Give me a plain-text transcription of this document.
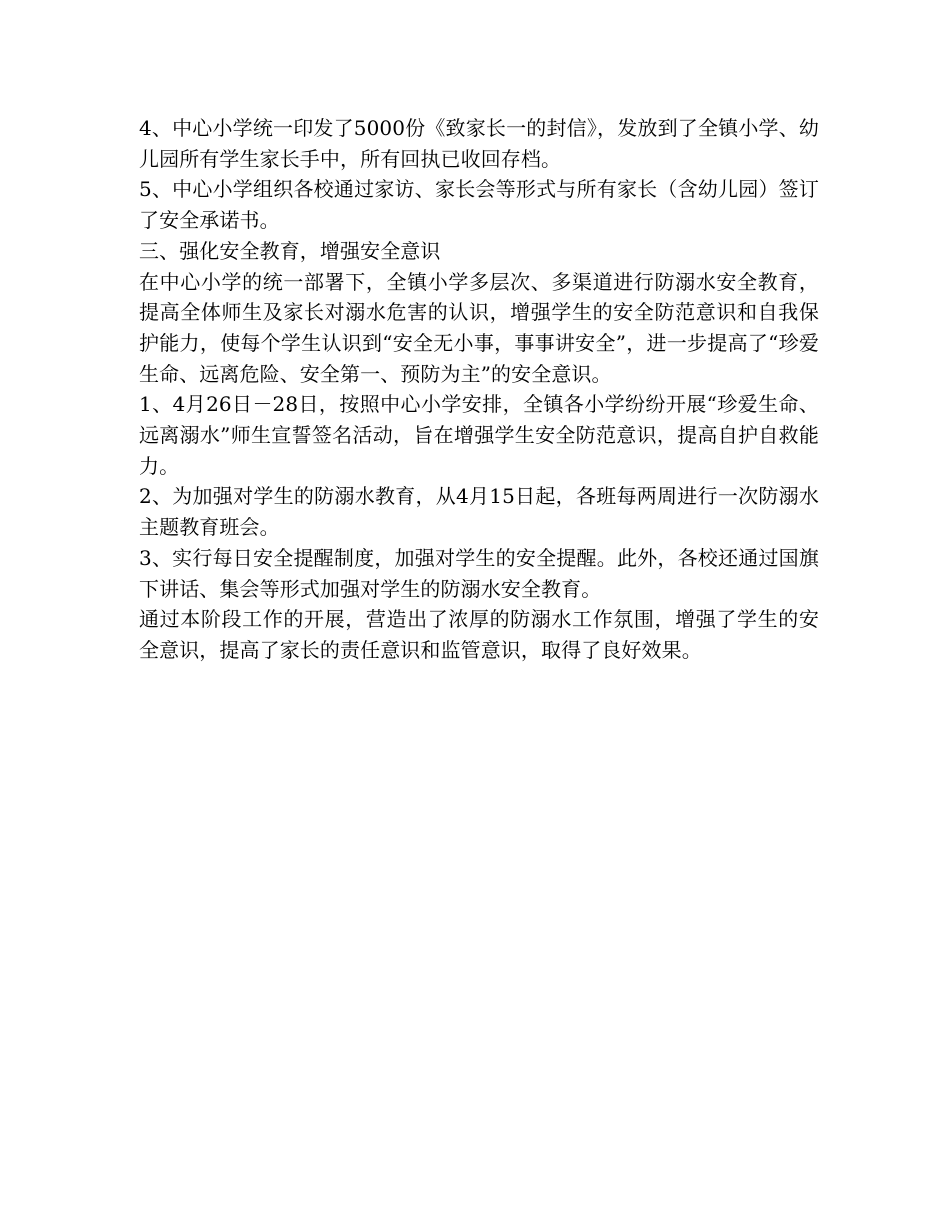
4、中心小学统一印发了5000份《致家长一的封信》，发放到了全镇小学、幼儿园所有学生家长手中，所有回执已收回存档。

5、中心小学组织各校通过家访、家长会等形式与所有家长（含幼儿园）签订了安全承诺书。

三、强化安全教育，增强安全意识

在中心小学的统一部署下，全镇小学多层次、多渠道进行防溺水安全教育，提高全体师生及家长对溺水危害的认识，增强学生的安全防范意识和自我保护能力，使每个学生认识到“安全无小事，事事讲安全”，进一步提高了“珍爱生命、远离危险、安全第一、预防为主”的安全意识。

1、4月26日－28日，按照中心小学安排，全镇各小学纷纷开展“珍爱生命、远离溺水”师生宣誓签名活动，旨在增强学生安全防范意识，提高自护自救能力。

2、为加强对学生的防溺水教育，从4月15日起，各班每两周进行一次防溺水主题教育班会。

3、实行每日安全提醒制度，加强对学生的安全提醒。此外，各校还通过国旗下讲话、集会等形式加强对学生的防溺水安全教育。

通过本阶段工作的开展，营造出了浓厚的防溺水工作氛围，增强了学生的安全意识，提高了家长的责任意识和监管意识，取得了良好效果。
